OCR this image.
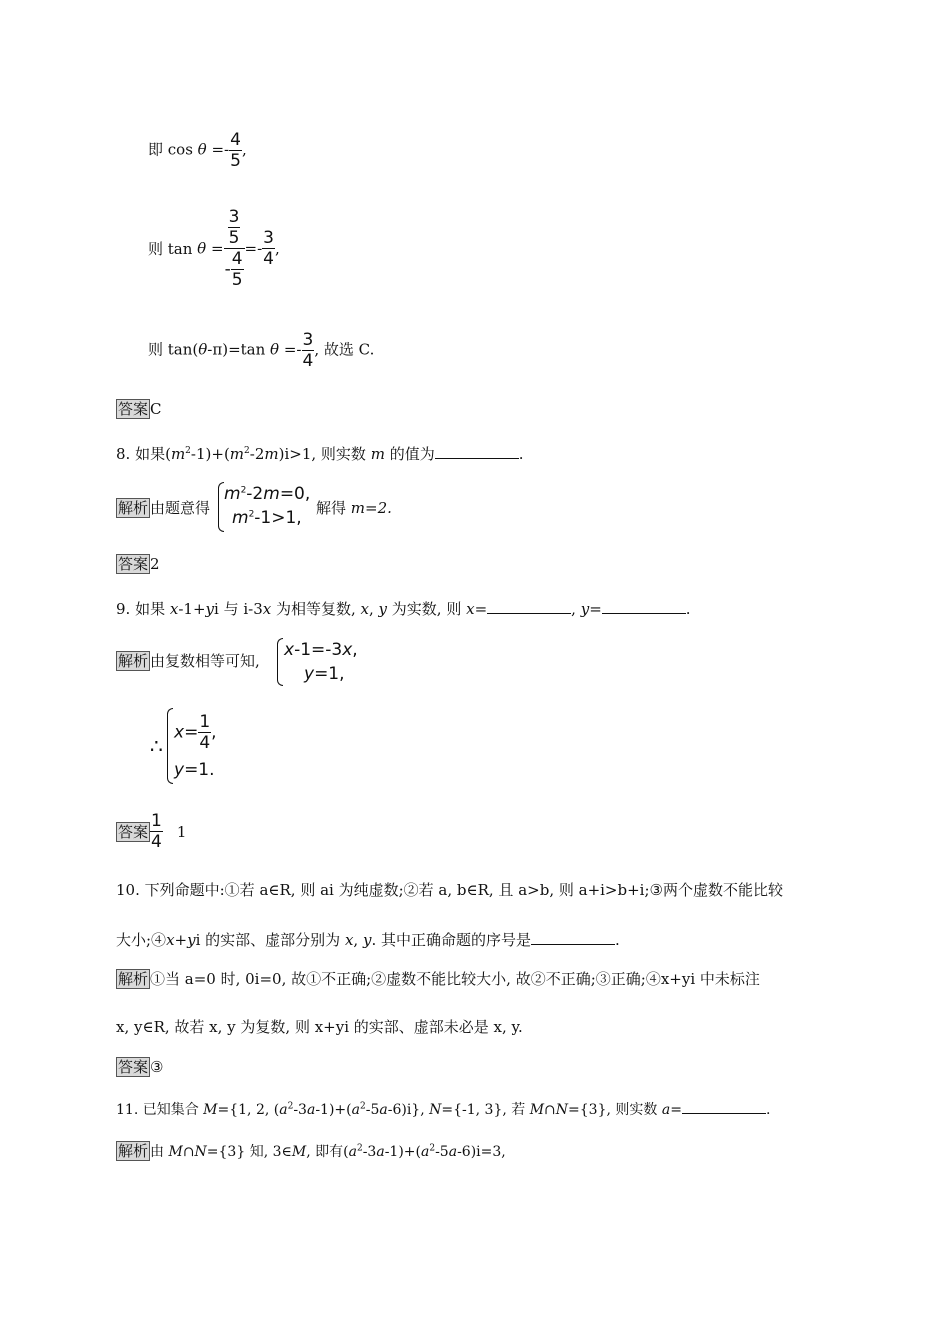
即 $\cos \theta =- \frac{4}{5}$ ,
则 $\tan \theta = \frac{\frac{3}{5}}{- \frac{4}{5}} =- \frac{3}{4}$ ,
则 tan(θ-π)=tan $\theta =- \frac{3}{4}$ , 故选 C.
答案 C
8. 如果$(m^2-1)+(m^2-2m)i>1$, 则实数 m 的值为	.
解析 由题意得
$m^2-2m=0$,
$m^2-1>1$, 解得 m=2.
答案 2
9. 如果 x-1+yi 与 i-3x 为相等复数, x, y 为实数, 则 x=	, y=	.
解析 由复数相等可知,
x-1=-3x,
y=1,
∴
$x= \frac{1}{4}$ ,
y=1.
答案 $\frac{1}{4} 1$
10. 下列命题中:①若 a∈R, 则 ai 为纯虚数;②若 a, b∈R, 且 a>b, 则 a+i>b+i;③两个虚数不能比较
大小;④x+yi 的实部、虚部分别为 x, y. 其中正确命题的序号是	.
解析 ①当 a=0 时, 0i=0, 故①不正确;②虚数不能比较大小, 故②不正确;③正确;④x+yi 中未标注
x, y∈R, 故若 x, y 为复数, 则 x+yi 的实部、虚部未必是 x, y.
答案 ③
11. 已知集合 M={1, 2, $(a^2-3a-1)+(a^2-5a-6)i$}, N={-1, 3}, 若 M∩N={3}, 则实数 a=	.
解析 由 M∩N={3} 知, 3∈M, 即有$(a^2-3a-1)+(a^2-5a-6)i=3$,
